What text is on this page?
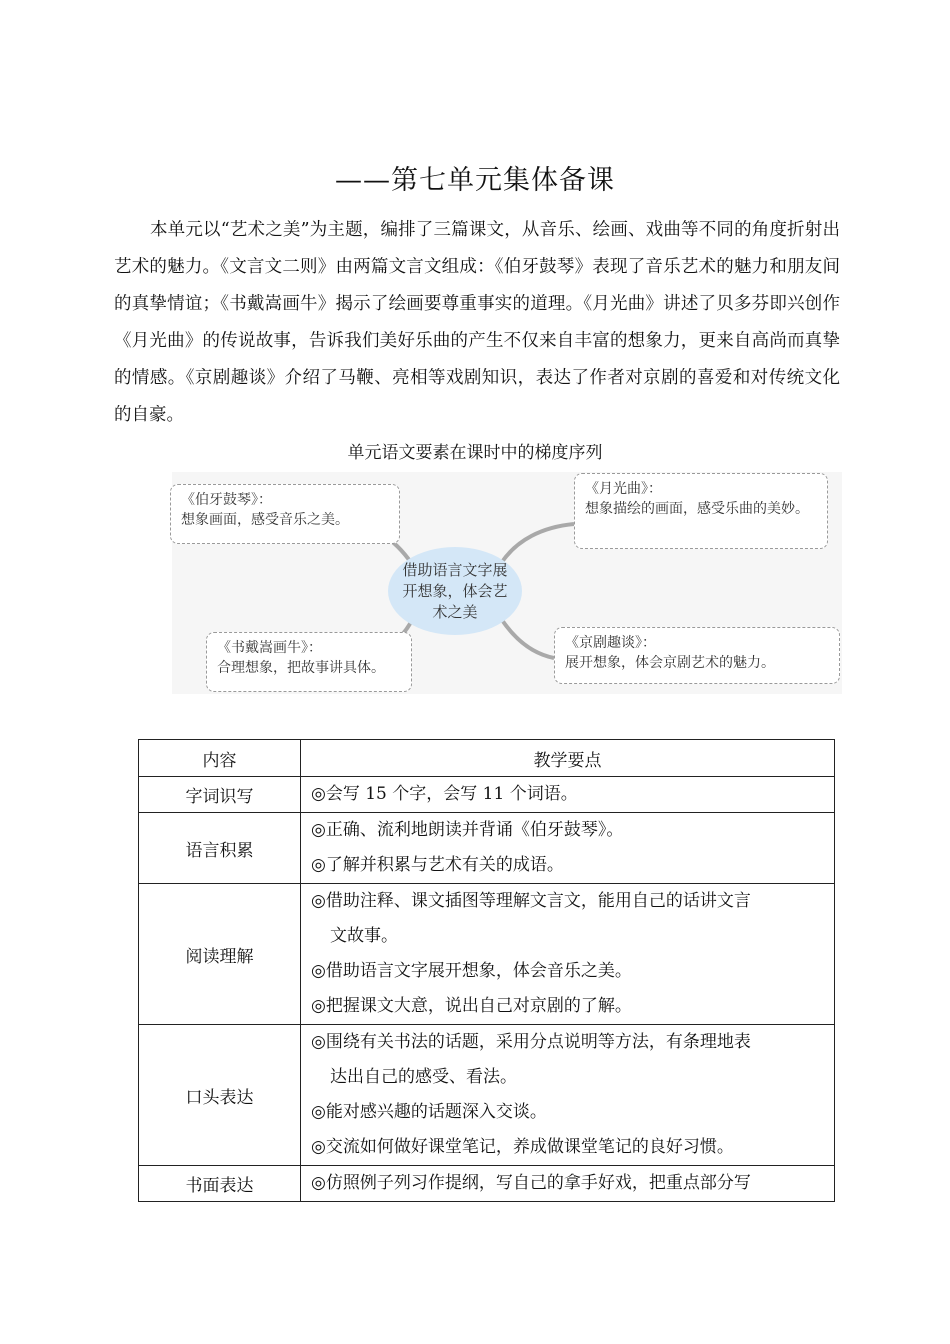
——第七单元集体备课

本单元以“艺术之美”为主题，编排了三篇课文，从音乐、绘画、戏曲等不同的角度折射出艺术的魅力。《文言文二则》由两篇文言文组成：《伯牙鼓琴》表现了音乐艺术的魅力和朋友间的真挚情谊；《书戴嵩画牛》揭示了绘画要尊重事实的道理。《月光曲》讲述了贝多芬即兴创作《月光曲》的传说故事，告诉我们美好乐曲的产生不仅来自丰富的想象力，更来自高尚而真挚的情感。《京剧趣谈》介绍了马鞭、亮相等戏剧知识，表达了作者对京剧的喜爱和对传统文化的自豪。

单元语文要素在课时中的梯度序列
《伯牙鼓琴》：
想象画面，感受音乐之美。
《月光曲》：
想象描绘的画面，感受乐曲的美妙。
借助语言文字展开想象，体会艺术之美
《书戴嵩画牛》：
合理想象，把故事讲具体。
《京剧趣谈》：
展开想象，体会京剧艺术的魅力。
内容	教学要点
字词识写	◎会写 15 个字，会写 11 个词语。

语言积累	◎正确、流利地朗读并背诵《伯牙鼓琴》。
◎了解并积累与艺术有关的成语。

阅读理解	◎借助注释、课文插图等理解文言文，能用自己的话讲文言
文故事。
◎借助语言文字展开想象，体会音乐之美。
◎把握课文大意，说出自己对京剧的了解。

口头表达	◎围绕有关书法的话题，采用分点说明等方法，有条理地表
达出自己的感受、看法。
◎能对感兴趣的话题深入交谈。
◎交流如何做好课堂笔记，养成做课堂笔记的良好习惯。

书面表达	◎仿照例子列习作提纲，写自己的拿手好戏，把重点部分写
